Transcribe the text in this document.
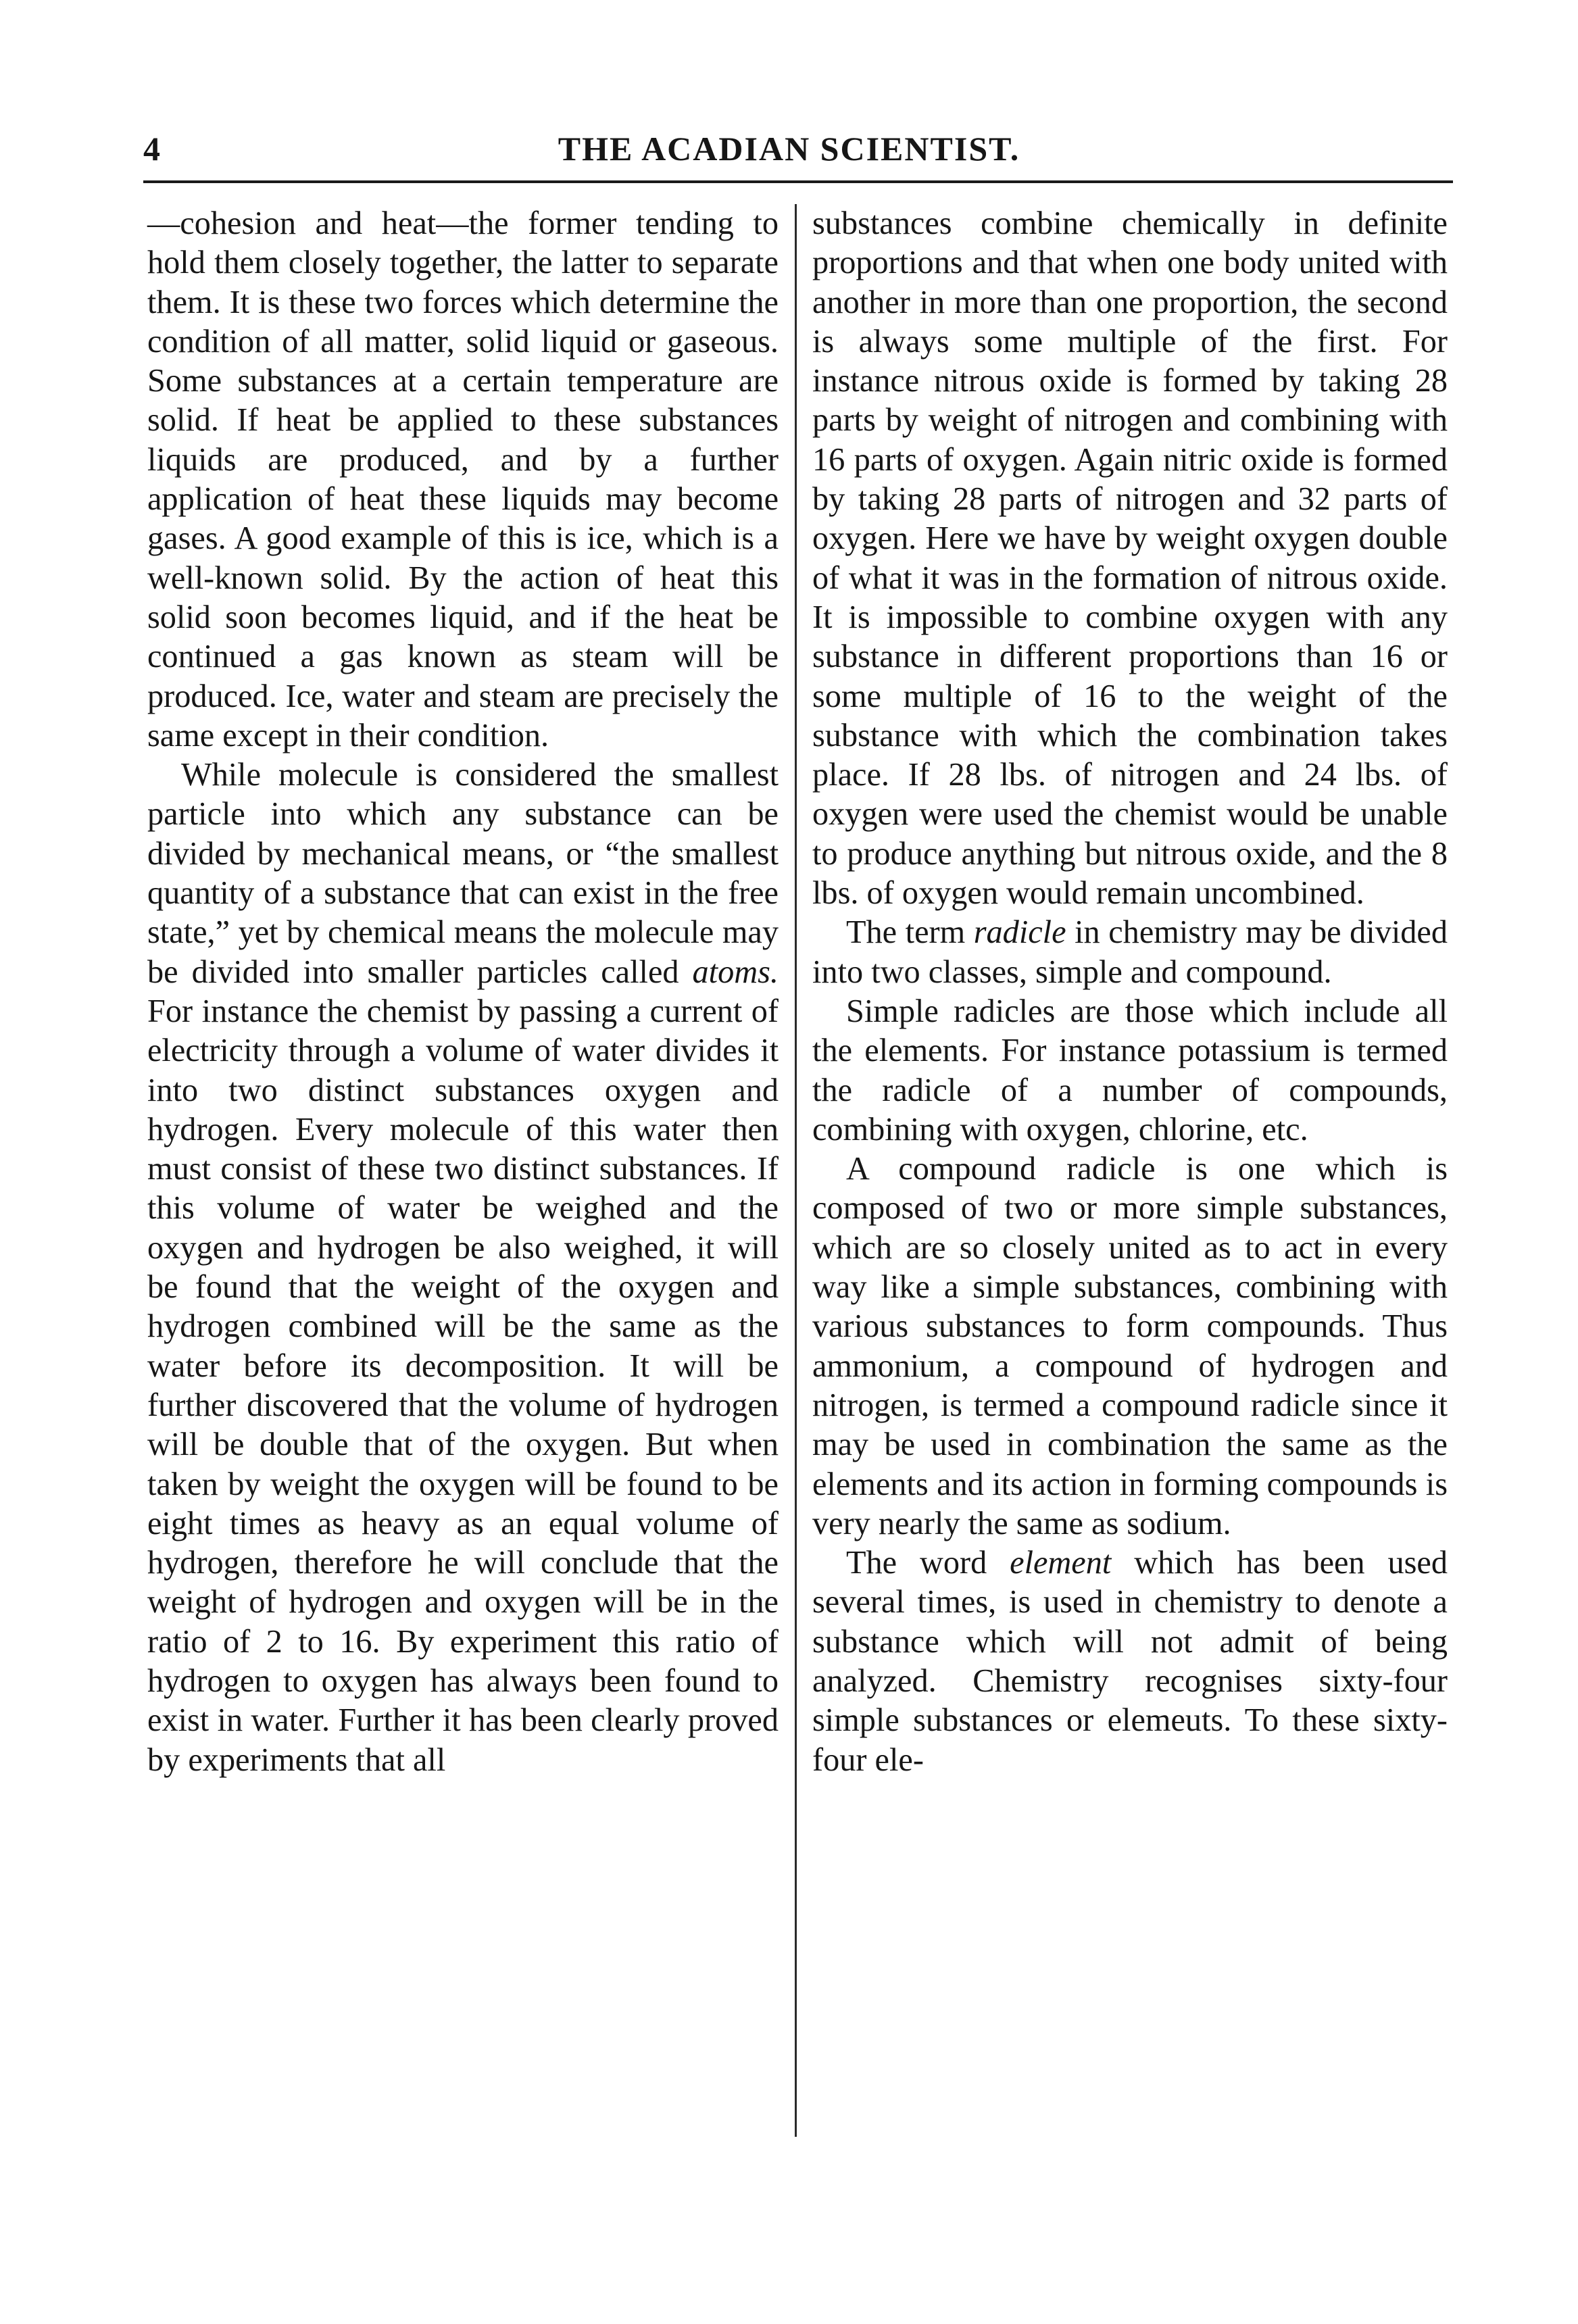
4	THE ACADIAN SCIENTIST.

—cohesion and heat—the former tending to hold them closely together, the latter to separate them. It is these two forces which determine the condition of all matter, solid liquid or gaseous. Some substances at a certain temperature are solid. If heat be applied to these substances liquids are produced, and by a further application of heat these liquids may become gases. A good example of this is ice, which is a well-known solid. By the action of heat this solid soon becomes liquid, and if the heat be continued a gas known as steam will be produced. Ice, water and steam are precisely the same except in their condition.

While molecule is considered the smallest particle into which any substance can be divided by mechanical means, or “the smallest quantity of a substance that can exist in the free state,” yet by chemical means the molecule may be divided into smaller particles called atoms. For instance the chemist by passing a current of electricity through a volume of water divides it into two distinct substances oxygen and hydrogen. Every molecule of this water then must consist of these two distinct substances. If this volume of water be weighed and the oxygen and hydrogen be also weighed, it will be found that the weight of the oxygen and hydrogen combined will be the same as the water before its decomposition. It will be further discovered that the volume of hydrogen will be double that of the oxygen. But when taken by weight the oxygen will be found to be eight times as heavy as an equal volume of hydrogen, therefore he will conclude that the weight of hydrogen and oxygen will be in the ratio of 2 to 16. By experiment this ratio of hydrogen to oxygen has always been found to exist in water. Further it has been clearly proved by experiments that all

substances combine chemically in definite proportions and that when one body united with another in more than one proportion, the second is always some multiple of the first. For instance nitrous oxide is formed by taking 28 parts by weight of nitrogen and combining with 16 parts of oxygen. Again nitric oxide is formed by taking 28 parts of nitrogen and 32 parts of oxygen. Here we have by weight oxygen double of what it was in the formation of nitrous oxide. It is impossible to combine oxygen with any substance in different proportions than 16 or some multiple of 16 to the weight of the substance with which the combination takes place. If 28 lbs. of nitrogen and 24 lbs. of oxygen were used the chemist would be unable to produce anything but nitrous oxide, and the 8 lbs. of oxygen would remain uncombined.

The term radicle in chemistry may be divided into two classes, simple and compound.

Simple radicles are those which include all the elements. For instance potassium is termed the radicle of a number of compounds, combining with oxygen, chlorine, etc.

A compound radicle is one which is composed of two or more simple substances, which are so closely united as to act in every way like a simple substances, combining with various substances to form compounds. Thus ammonium, a compound of hydrogen and nitrogen, is termed a compound radicle since it may be used in combination the same as the elements and its action in forming compounds is very nearly the same as sodium.

The word element which has been used several times, is used in chemistry to denote a substance which will not admit of being analyzed. Chemistry recognises sixty-four simple substances or elemeuts. To these sixty-four ele-
